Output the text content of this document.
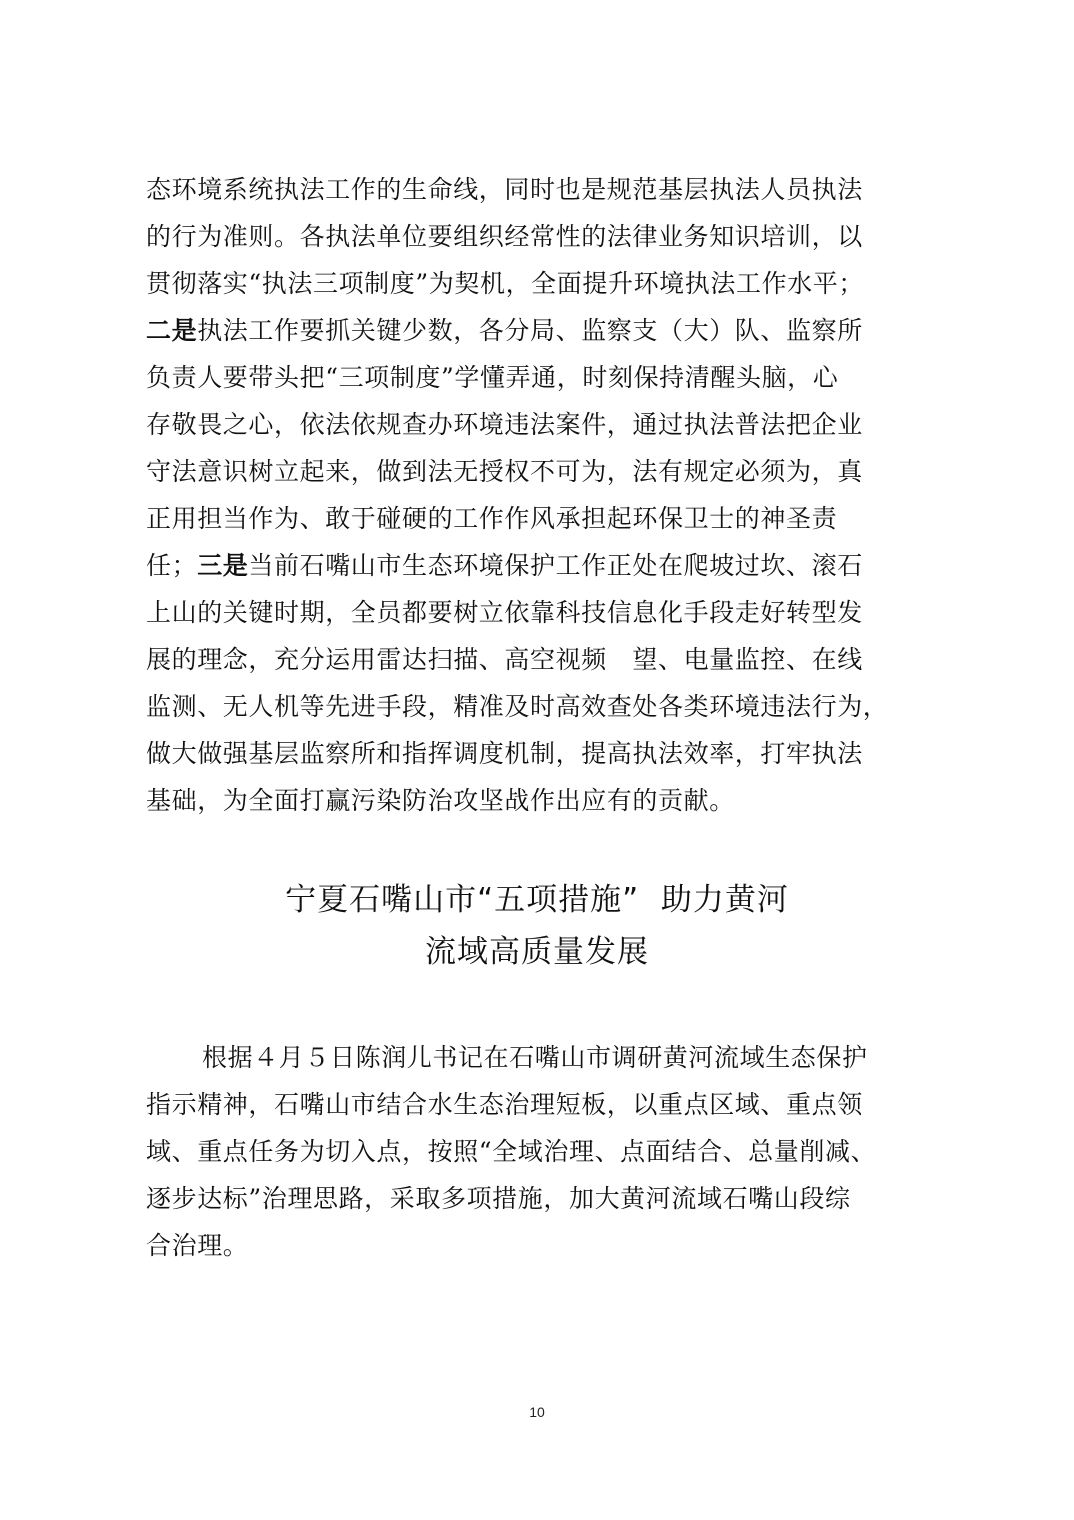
态环境系统执法工作的生命线，同时也是规范基层执法人员执法
的行为准则。各执法单位要组织经常性的法律业务知识培训，以
贯彻落实“执法三项制度”为契机，全面提升环境执法工作水平；
二是执法工作要抓关键少数，各分局、监察支（大）队、监察所
负责人要带头把“三项制度”学懂弄通，时刻保持清醒头脑，心
存敬畏之心，依法依规查办环境违法案件，通过执法普法把企业
守法意识树立起来，做到法无授权不可为，法有规定必须为，真
正用担当作为、敢于碰硬的工作作风承担起环保卫士的神圣责
任；三是当前石嘴山市生态环境保护工作正处在爬坡过坎、滚石
上山的关键时期，全员都要树立依靠科技信息化手段走好转型发
展的理念，充分运用雷达扫描、高空视频　望、电量监控、在线
监测、无人机等先进手段，精准及时高效查处各类环境违法行为，
做大做强基层监察所和指挥调度机制，提高执法效率，打牢执法
基础，为全面打赢污染防治攻坚战作出应有的贡献。
宁夏石嘴山市“五项措施”  助力黄河
流域高质量发展
根据４月５日陈润儿书记在石嘴山市调研黄河流域生态保护
指示精神，石嘴山市结合水生态治理短板，以重点区域、重点领
域、重点任务为切入点，按照“全域治理、点面结合、总量削减、
逐步达标”治理思路，采取多项措施，加大黄河流域石嘴山段综
合治理。
10
